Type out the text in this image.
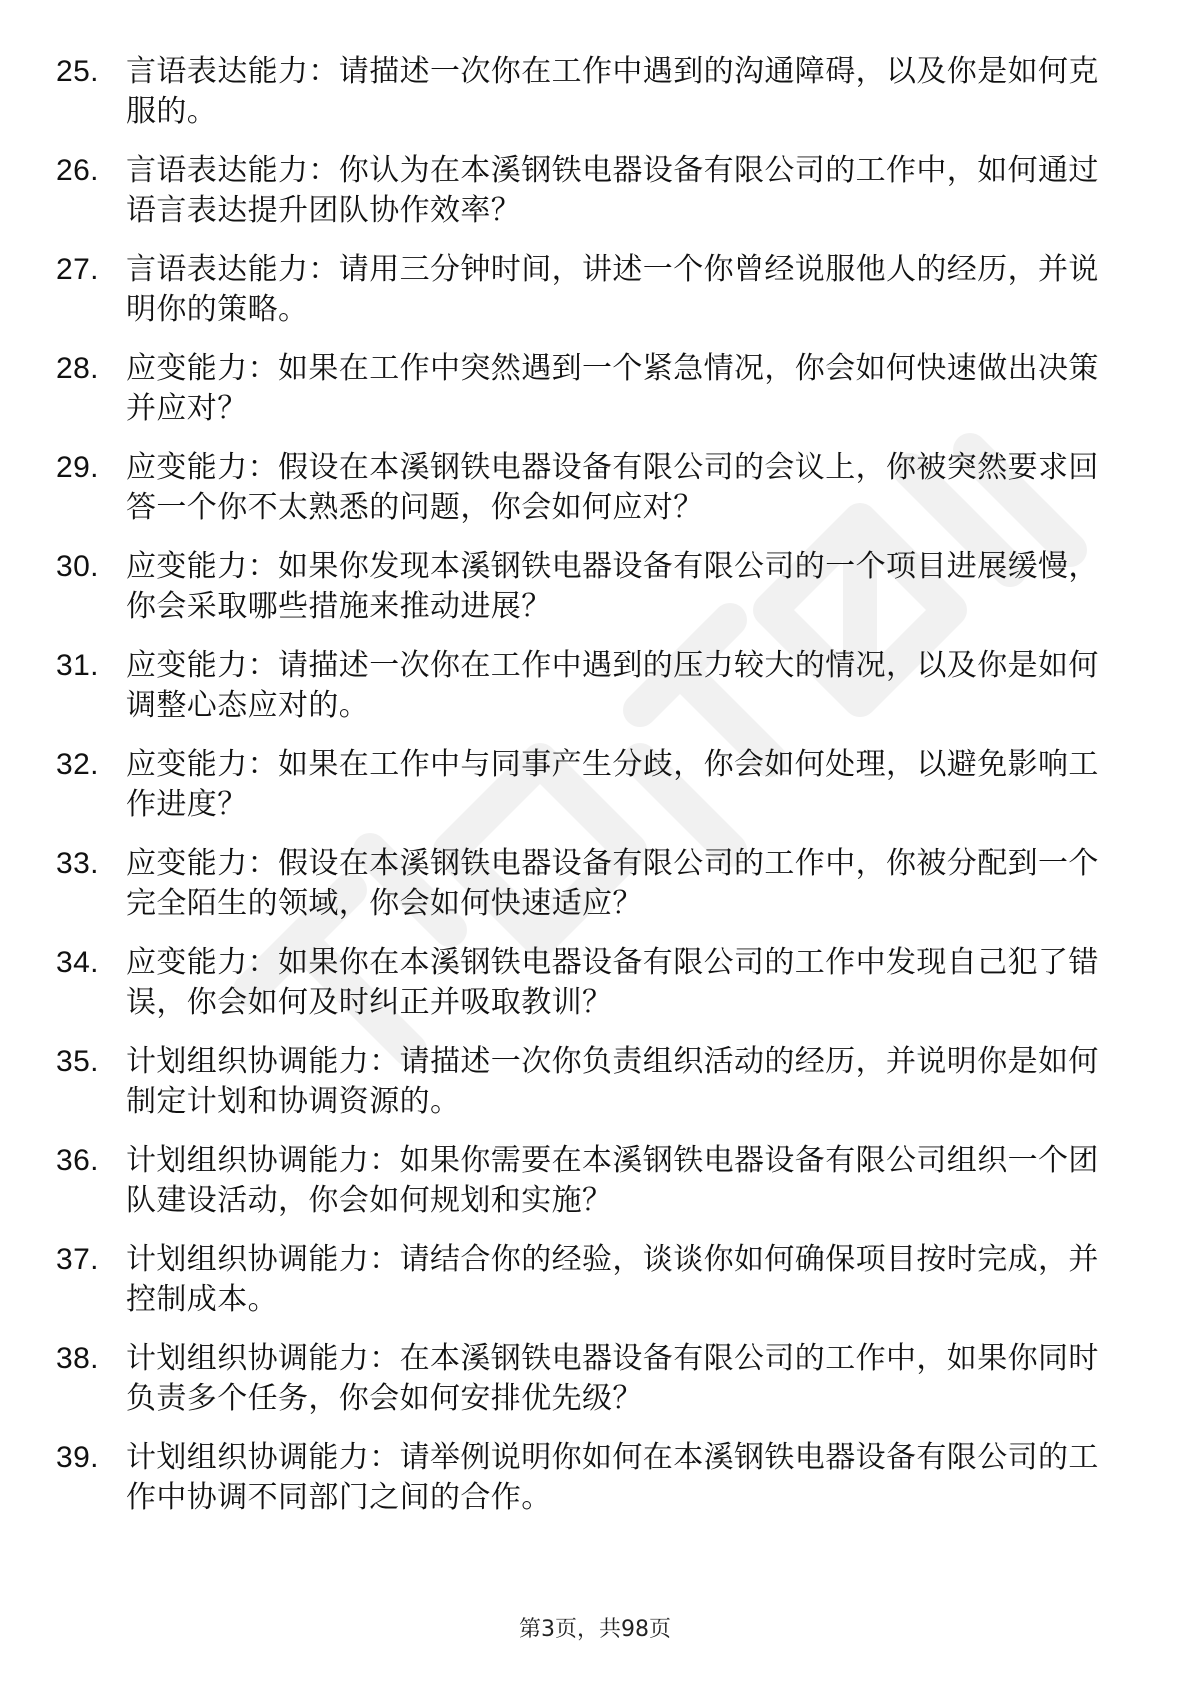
25. 言语表达能力：请描述一次你在工作中遇到的沟通障碍，以及你是如何克服的。
26. 言语表达能力：你认为在本溪钢铁电器设备有限公司的工作中，如何通过语言表达提升团队协作效率？
27. 言语表达能力：请用三分钟时间，讲述一个你曾经说服他人的经历，并说明你的策略。
28. 应变能力：如果在工作中突然遇到一个紧急情况，你会如何快速做出决策并应对？
29. 应变能力：假设在本溪钢铁电器设备有限公司的会议上，你被突然要求回答一个你不太熟悉的问题，你会如何应对？
30. 应变能力：如果你发现本溪钢铁电器设备有限公司的一个项目进展缓慢，你会采取哪些措施来推动进展？
31. 应变能力：请描述一次你在工作中遇到的压力较大的情况，以及你是如何调整心态应对的。
32. 应变能力：如果在工作中与同事产生分歧，你会如何处理，以避免影响工作进度？
33. 应变能力：假设在本溪钢铁电器设备有限公司的工作中，你被分配到一个完全陌生的领域，你会如何快速适应？
34. 应变能力：如果你在本溪钢铁电器设备有限公司的工作中发现自己犯了错误，你会如何及时纠正并吸取教训？
35. 计划组织协调能力：请描述一次你负责组织活动的经历，并说明你是如何制定计划和协调资源的。
36. 计划组织协调能力：如果你需要在本溪钢铁电器设备有限公司组织一个团队建设活动，你会如何规划和实施？
37. 计划组织协调能力：请结合你的经验，谈谈你如何确保项目按时完成，并控制成本。
38. 计划组织协调能力：在本溪钢铁电器设备有限公司的工作中，如果你同时负责多个任务，你会如何安排优先级？
39. 计划组织协调能力：请举例说明你如何在本溪钢铁电器设备有限公司的工作中协调不同部门之间的合作。
第3页，共98页
